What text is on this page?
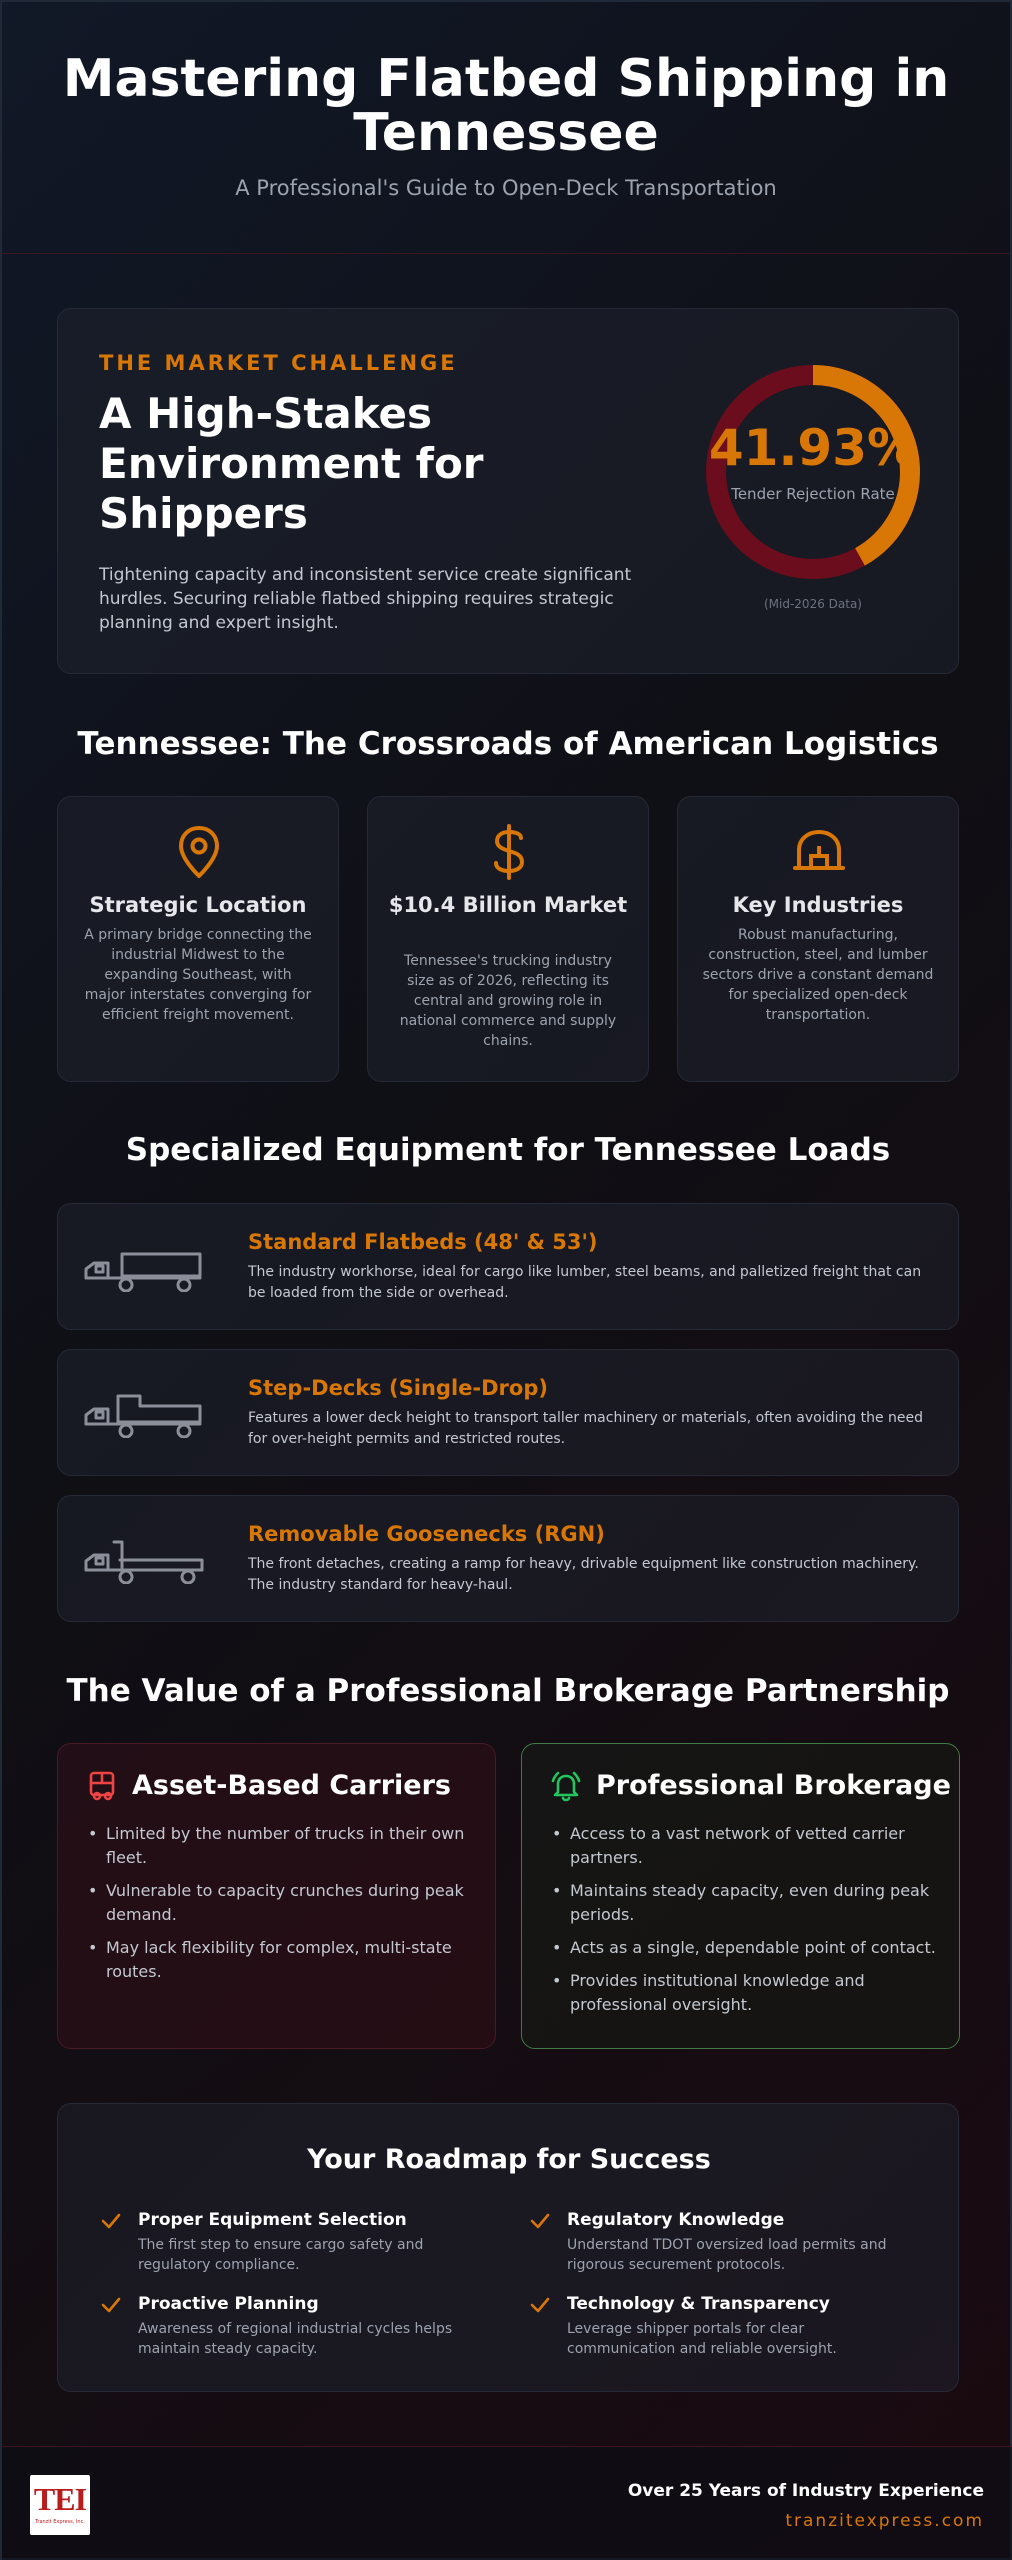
Mastering Flatbed Shipping in Tennessee
A Professional's Guide to Open-Deck Transportation
THE MARKET CHALLENGE
A High-Stakes Environment for Shippers

Tightening capacity and inconsistent service create significant hurdles. Securing reliable flatbed shipping requires strategic planning and expert insight.

41.93%
Tender Rejection Rate
(Mid-2026 Data)
Tennessee: The Crossroads of American Logistics
Strategic Location

A primary bridge connecting the industrial Midwest to the expanding Southeast, with major interstates converging for efficient freight movement.

$10.4 Billion Market

Tennessee's trucking industry size as of 2026, reflecting its central and growing role in national commerce and supply chains.

Key Industries

Robust manufacturing, construction, steel, and lumber sectors drive a constant demand for specialized open-deck transportation.

Specialized Equipment for Tennessee Loads
Standard Flatbeds (48' & 53')

The industry workhorse, ideal for cargo like lumber, steel beams, and palletized freight that can be loaded from the side or overhead.

Step-Decks (Single-Drop)

Features a lower deck height to transport taller machinery or materials, often avoiding the need for over-height permits and restricted routes.

Removable Goosenecks (RGN)

The front detaches, creating a ramp for heavy, drivable equipment like construction machinery. The industry standard for heavy-haul.

The Value of a Professional Brokerage Partnership
Asset-Based Carriers
• Limited by the number of trucks in their own fleet.
• Vulnerable to capacity crunches during peak demand.
• May lack flexibility for complex, multi-state routes.
Professional Brokerage
• Access to a vast network of vetted carrier partners.
• Maintains steady capacity, even during peak periods.
• Acts as a single, dependable point of contact.
• Provides institutional knowledge and professional oversight.
Your Roadmap for Success
Proper Equipment Selection

The first step to ensure cargo safety and regulatory compliance.

Regulatory Knowledge

Understand TDOT oversized load permits and rigorous securement protocols.

Proactive Planning

Awareness of regional industrial cycles helps maintain steady capacity.

Technology & Transparency

Leverage shipper portals for clear communication and reliable oversight.

TEI
Tranzit Express, Inc.
Over 25 Years of Industry Experience
tranzitexpress.com
